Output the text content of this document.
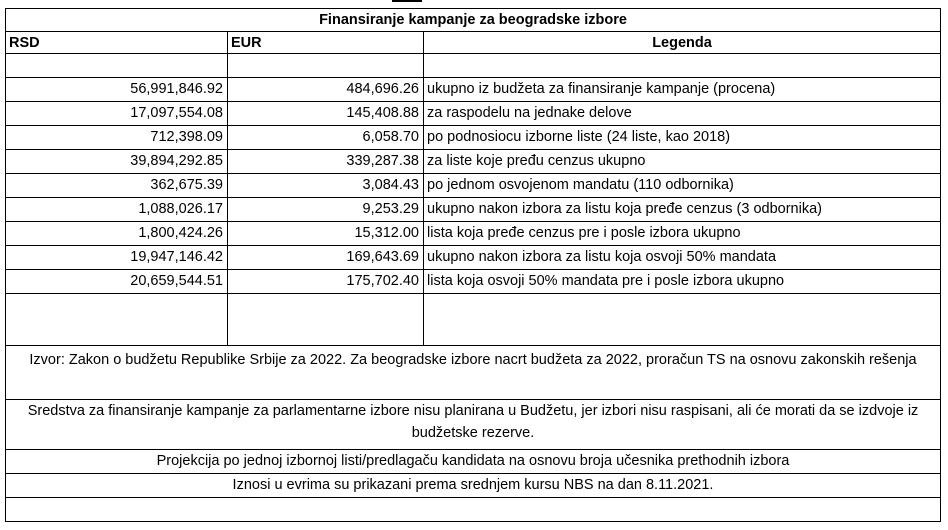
Finansiranje kampanje za beogradske izbore
RSD	EUR	Legenda
56,991,846.92	484,696.26 ukupno iz budžeta za finansiranje kampanje (procena)
17,097,554.08	145,408.88 za raspodelu na jednake delove
712,398.09	6,058.70 po podnosiocu izborne liste (24 liste, kao 2018)
39,894,292.85	339,287.38 za liste koje pređu cenzus ukupno
362,675.39	3,084.43 po jednom osvojenom mandatu (110 odbornika)
1,088,026.17	9,253.29 ukupno nakon izbora za listu koja pređe cenzus (3 odbornika)
1,800,424.26	15,312.00 lista koja pređe cenzus pre i posle izbora ukupno
19,947,146.42	169,643.69 ukupno nakon izbora za listu koja osvoji 50% mandata
20,659,544.51	175,702.40 lista koja osvoji 50% mandata pre i posle izbora ukupno
Izvor: Zakon o budžetu Republike Srbije za 2022. Za beogradske izbore nacrt budžeta za 2022, proračun TS na osnovu zakonskih rešenja
Sredstva za finansiranje kampanje za parlamentarne izbore nisu planirana u Budžetu, jer izbori nisu raspisani, ali će morati da se izdvoje iz budžetske rezerve.
Projekcija po jednoj izbornoj listi/predlagaču kandidata na osnovu broja učesnika prethodnih izbora
Iznosi u evrima su prikazani prema srednjem kursu NBS na dan 8.11.2021.
